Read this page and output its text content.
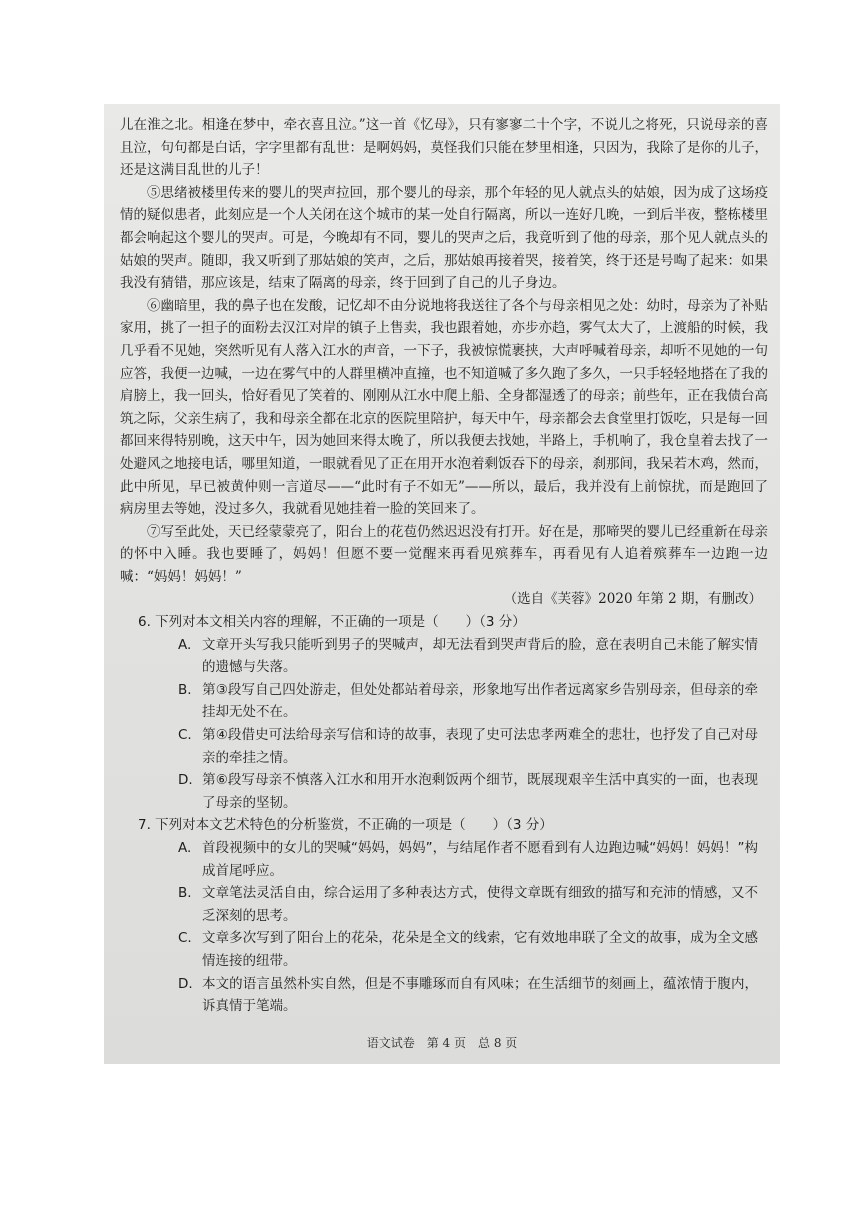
儿在淮之北。相逢在梦中，牵衣喜且泣。”这一首《忆母》，只有寥寥二十个字，不说儿之将死，只说母亲的喜且泣，句句都是白话，字字里都有乱世：是啊妈妈，莫怪我们只能在梦里相逢，只因为，我除了是你的儿子，还是这满目乱世的儿子！

⑤思绪被楼里传来的婴儿的哭声拉回，那个婴儿的母亲，那个年轻的见人就点头的姑娘，因为成了这场疫情的疑似患者，此刻应是一个人关闭在这个城市的某一处自行隔离，所以一连好几晚，一到后半夜，整栋楼里都会响起这个婴儿的哭声。可是，今晚却有不同，婴儿的哭声之后，我竟听到了他的母亲，那个见人就点头的姑娘的哭声。随即，我又听到了那姑娘的笑声，之后，那姑娘再接着哭，接着笑，终于还是号啕了起来：如果我没有猜错，那应该是，结束了隔离的母亲，终于回到了自己的儿子身边。

⑥幽暗里，我的鼻子也在发酸，记忆却不由分说地将我送往了各个与母亲相见之处：幼时，母亲为了补贴家用，挑了一担子的面粉去汉江对岸的镇子上售卖，我也跟着她，亦步亦趋，雾气太大了，上渡船的时候，我几乎看不见她，突然听见有人落入江水的声音，一下子，我被惊慌裹挟，大声呼喊着母亲，却听不见她的一句应答，我便一边喊，一边在雾气中的人群里横冲直撞，也不知道喊了多久跑了多久，一只手轻轻地搭在了我的肩膀上，我一回头，恰好看见了笑着的、刚刚从江水中爬上船、全身都湿透了的母亲；前些年，正在我债台高筑之际，父亲生病了，我和母亲全都在北京的医院里陪护，每天中午，母亲都会去食堂里打饭吃，只是每一回都回来得特别晚，这天中午，因为她回来得太晚了，所以我便去找她，半路上，手机响了，我仓皇着去找了一处避风之地接电话，哪里知道，一眼就看见了正在用开水泡着剩饭吞下的母亲，刹那间，我呆若木鸡，然而，此中所见，早已被黄仲则一言道尽——“此时有子不如无”——所以，最后，我并没有上前惊扰，而是跑回了病房里去等她，没过多久，我就看见她挂着一脸的笑回来了。

⑦写至此处，天已经蒙蒙亮了，阳台上的花苞仍然迟迟没有打开。好在是，那啼哭的婴儿已经重新在母亲的怀中入睡。我也要睡了，妈妈！但愿不要一觉醒来再看见殡葬车，再看见有人追着殡葬车一边跑一边喊：“妈妈！妈妈！”

（选自《芙蓉》2020 年第 2 期，有删改）

6. 下列对本文相关内容的理解，不正确的一项是（　　）（3 分）

A. 文章开头写我只能听到男子的哭喊声，却无法看到哭声背后的脸，意在表明自己未能了解实情的遗憾与失落。

B. 第③段写自己四处游走，但处处都站着母亲，形象地写出作者远离家乡告别母亲，但母亲的牵挂却无处不在。

C. 第④段借史可法给母亲写信和诗的故事，表现了史可法忠孝两难全的悲壮，也抒发了自己对母亲的牵挂之情。

D. 第⑥段写母亲不慎落入江水和用开水泡剩饭两个细节，既展现艰辛生活中真实的一面，也表现了母亲的坚韧。

7. 下列对本文艺术特色的分析鉴赏，不正确的一项是（　　）（3 分）

A. 首段视频中的女儿的哭喊“妈妈，妈妈”，与结尾作者不愿看到有人边跑边喊“妈妈！妈妈！”构成首尾呼应。

B. 文章笔法灵活自由，综合运用了多种表达方式，使得文章既有细致的描写和充沛的情感，又不乏深刻的思考。

C. 文章多次写到了阳台上的花朵，花朵是全文的线索，它有效地串联了全文的故事，成为全文感情连接的纽带。

D. 本文的语言虽然朴实自然，但是不事雕琢而自有风味；在生活细节的刻画上，蕴浓情于腹内，诉真情于笔端。

语文试卷　第 4 页　总 8 页
